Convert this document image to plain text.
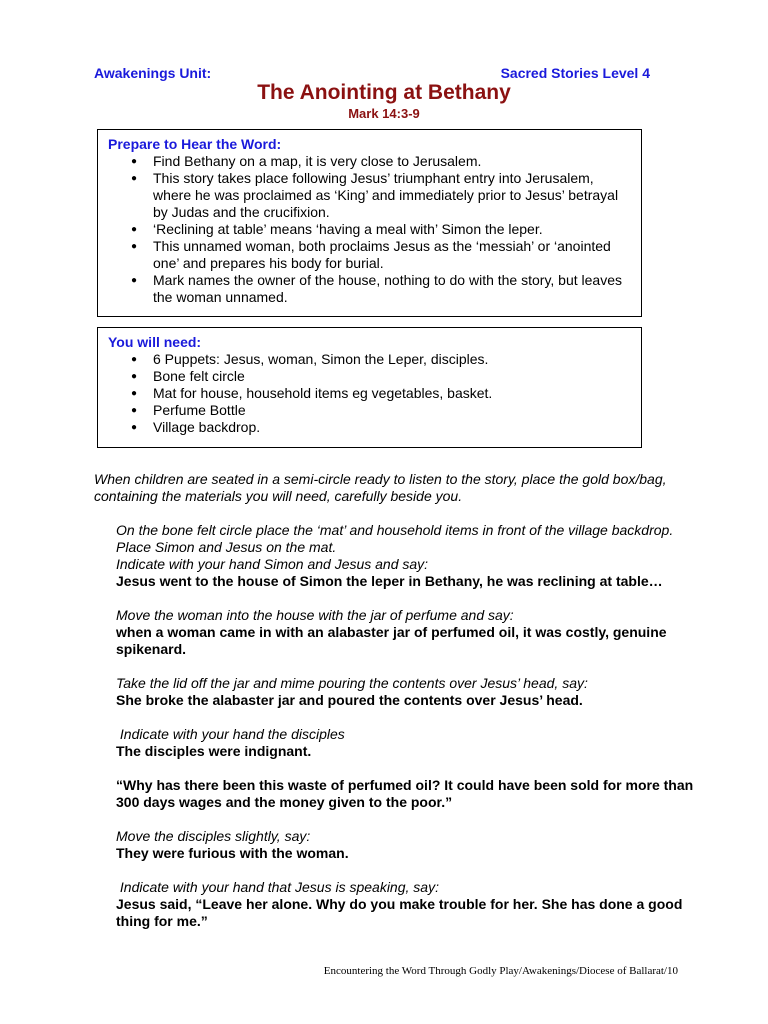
Awakenings Unit:	Sacred Stories Level 4
The Anointing at Bethany
Mark 14:3-9
Prepare to Hear the Word:
● Find Bethany on a map, it is very close to Jerusalem.
● This story takes place following Jesus’ triumphant entry into Jerusalem, where he was proclaimed as ‘King’ and immediately prior to Jesus’ betrayal by Judas and the crucifixion.
● ‘Reclining at table’ means ‘having a meal with’ Simon the leper.
● This unnamed woman, both proclaims Jesus as the ‘messiah’ or ‘anointed one’ and prepares his body for burial.
● Mark names the owner of the house, nothing to do with the story, but leaves the woman unnamed.
You will need:
● 6 Puppets: Jesus, woman, Simon the Leper, disciples.
● Bone felt circle
● Mat for house, household items eg vegetables, basket.
● Perfume Bottle
● Village backdrop.
When children are seated in a semi-circle ready to listen to the story, place the gold box/bag, containing the materials you will need, carefully beside you.
On the bone felt circle place the ‘mat’ and household items in front of the village backdrop. Place Simon and Jesus on the mat.
Indicate with your hand Simon and Jesus and say:
Jesus went to the house of Simon the leper in Bethany, he was reclining at table…
Move the woman into the house with the jar of perfume and say:
when a woman came in with an alabaster jar of perfumed oil, it was costly, genuine spikenard.
Take the lid off the jar and mime pouring the contents over Jesus’ head, say:
She broke the alabaster jar and poured the contents over Jesus’ head.
Indicate with your hand the disciples
The disciples were indignant.
“Why has there been this waste of perfumed oil? It could have been sold for more than 300 days wages and the money given to the poor.”
Move the disciples slightly, say:
They were furious with the woman.
Indicate with your hand that Jesus is speaking, say:
Jesus said, “Leave her alone. Why do you make trouble for her. She has done a good thing for me.”
Encountering the Word Through Godly Play/Awakenings/Diocese of Ballarat/10
